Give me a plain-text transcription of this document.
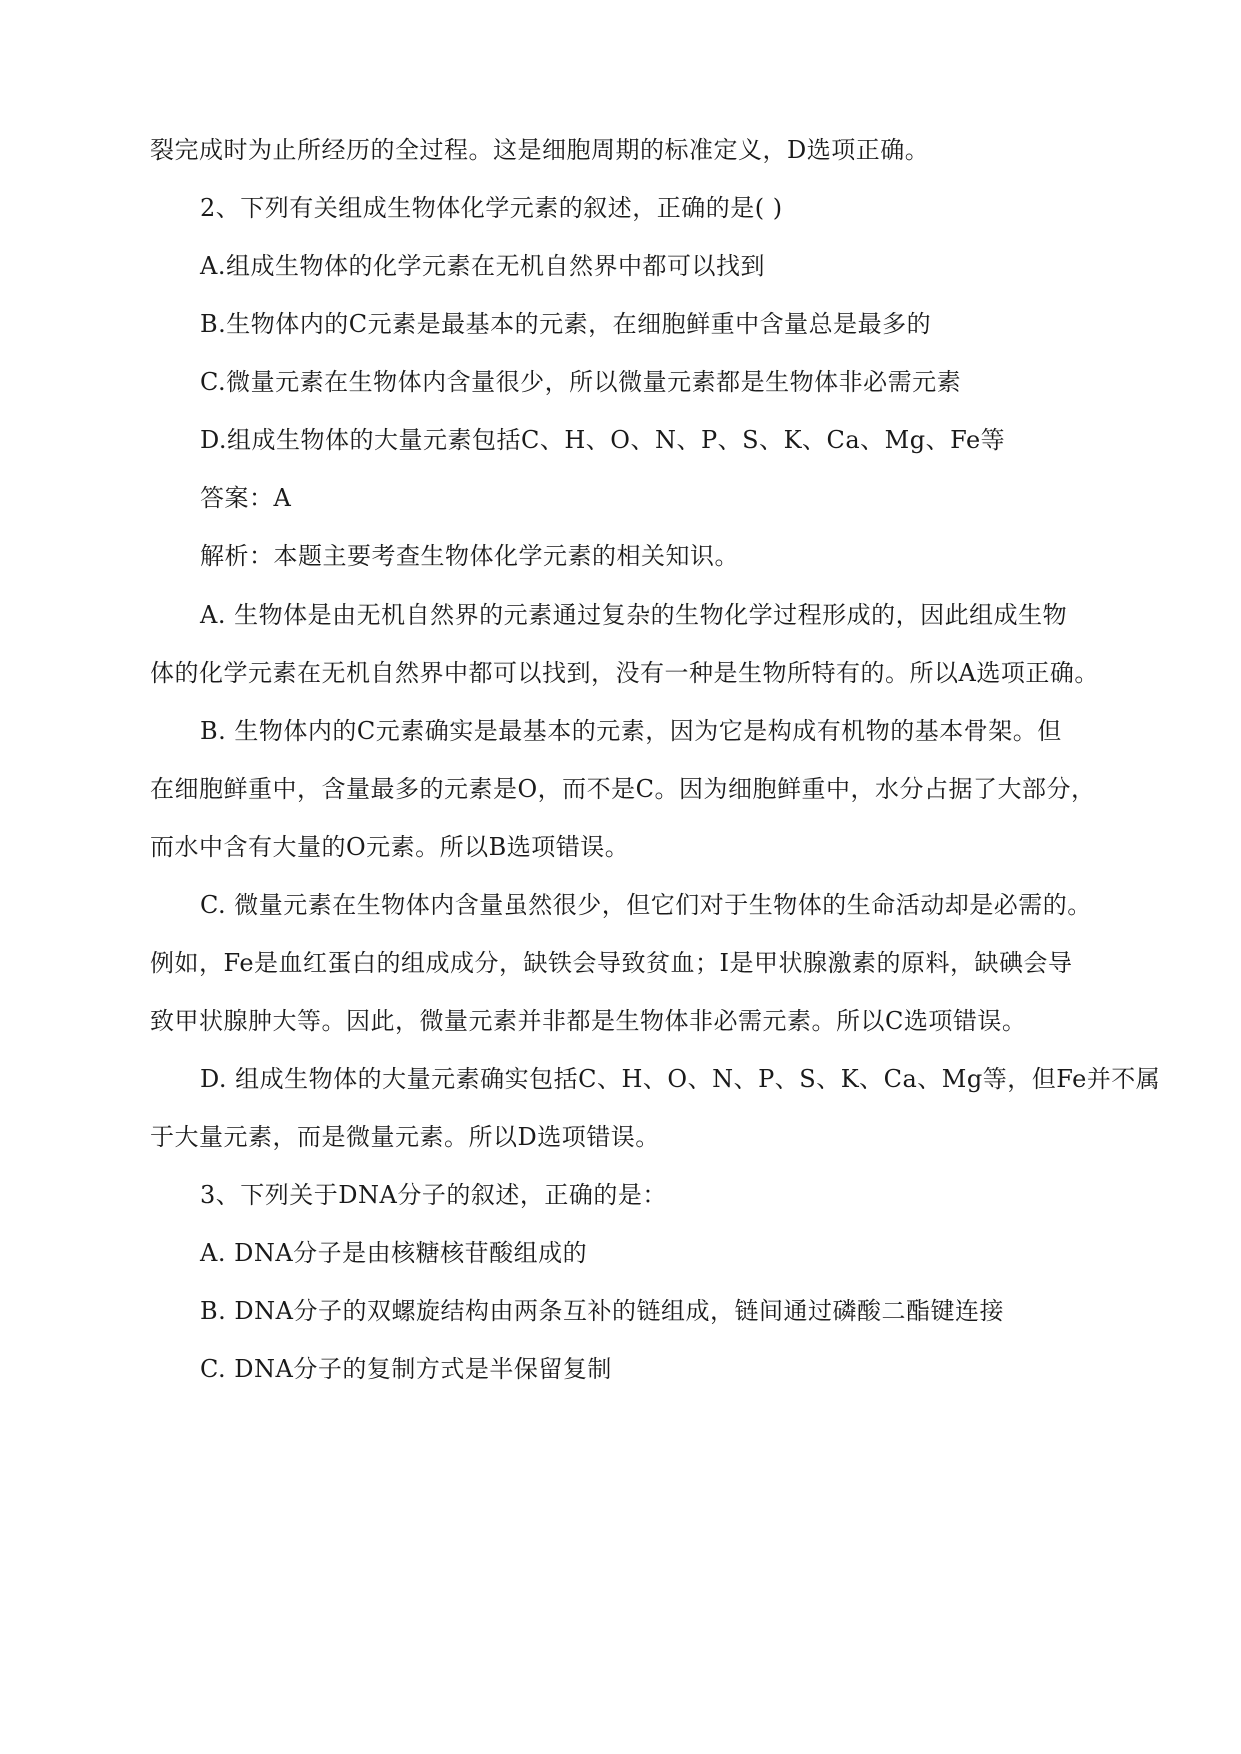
裂完成时为止所经历的全过程。这是细胞周期的标准定义，D选项正确。
2、下列有关组成生物体化学元素的叙述，正确的是( )
A.组成生物体的化学元素在无机自然界中都可以找到
B.生物体内的C元素是最基本的元素，在细胞鲜重中含量总是最多的
C.微量元素在生物体内含量很少，所以微量元素都是生物体非必需元素
D.组成生物体的大量元素包括C、H、O、N、P、S、K、Ca、Mg、Fe等
答案：A
解析：本题主要考查生物体化学元素的相关知识。
A. 生物体是由无机自然界的元素通过复杂的生物化学过程形成的，因此组成生物
体的化学元素在无机自然界中都可以找到，没有一种是生物所特有的。所以A选项正确。
B. 生物体内的C元素确实是最基本的元素，因为它是构成有机物的基本骨架。但
在细胞鲜重中，含量最多的元素是O，而不是C。因为细胞鲜重中，水分占据了大部分，
而水中含有大量的O元素。所以B选项错误。
C. 微量元素在生物体内含量虽然很少，但它们对于生物体的生命活动却是必需的。
例如，Fe是血红蛋白的组成成分，缺铁会导致贫血；I是甲状腺激素的原料，缺碘会导
致甲状腺肿大等。因此，微量元素并非都是生物体非必需元素。所以C选项错误。
D. 组成生物体的大量元素确实包括C、H、O、N、P、S、K、Ca、Mg等，但Fe并不属
于大量元素，而是微量元素。所以D选项错误。
3、下列关于DNA分子的叙述，正确的是：
A. DNA分子是由核糖核苷酸组成的
B. DNA分子的双螺旋结构由两条互补的链组成，链间通过磷酸二酯键连接
C. DNA分子的复制方式是半保留复制
